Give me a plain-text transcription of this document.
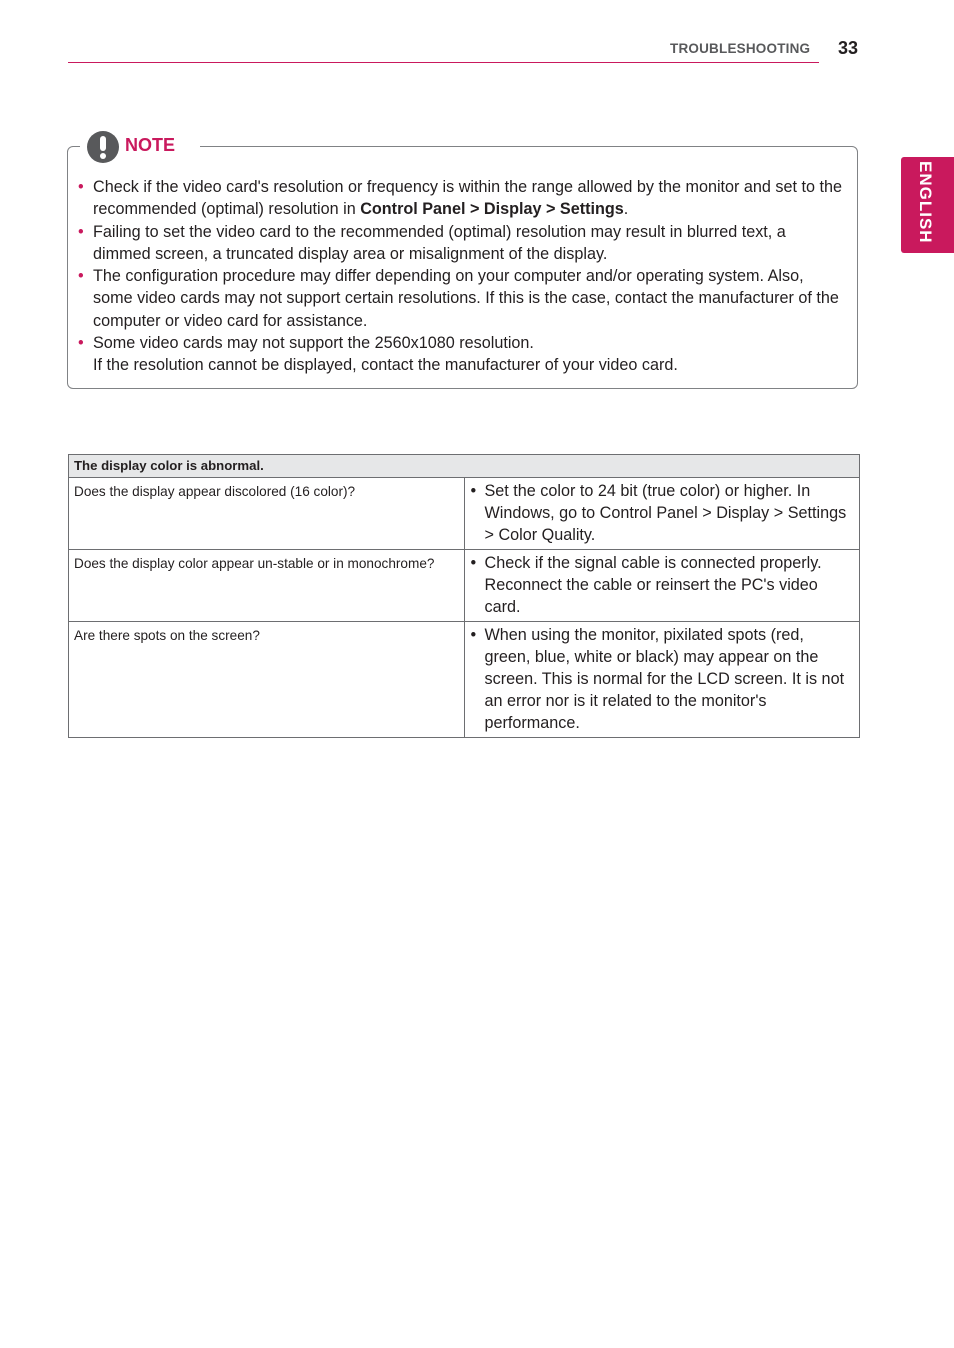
TROUBLESHOOTING 33
ENGLISH
NOTE
• Check if the video card's resolution or frequency is within the range allowed by the monitor and set to the recommended (optimal) resolution in Control Panel > Display > Settings.
• Failing to set the video card to the recommended (optimal) resolution may result in blurred text, a dimmed screen, a truncated display area or misalignment of the display.
• The configuration procedure may differ depending on your computer and/or operating system. Also, some video cards may not support certain resolutions. If this is the case, contact the manufacturer of the computer or video card for assistance.
• Some video cards may not support the 2560x1080 resolution.
If the resolution cannot be displayed, contact the manufacturer of your video card.
The display color is abnormal.	
Does the display appear discolored (16 color)?	• Set the color to 24 bit (true color) or higher. In Windows, go to Control Panel > Display > Settings > Color Quality.
Does the display color appear un-stable or in monochrome?	• Check if the signal cable is connected properly. Reconnect the cable or reinsert the PC's video card.
Are there spots on the screen?	• When using the monitor, pixilated spots (red, green, blue, white or black) may appear on the screen. This is normal for the LCD screen. It is not an error nor is it related to the monitor's performance.
